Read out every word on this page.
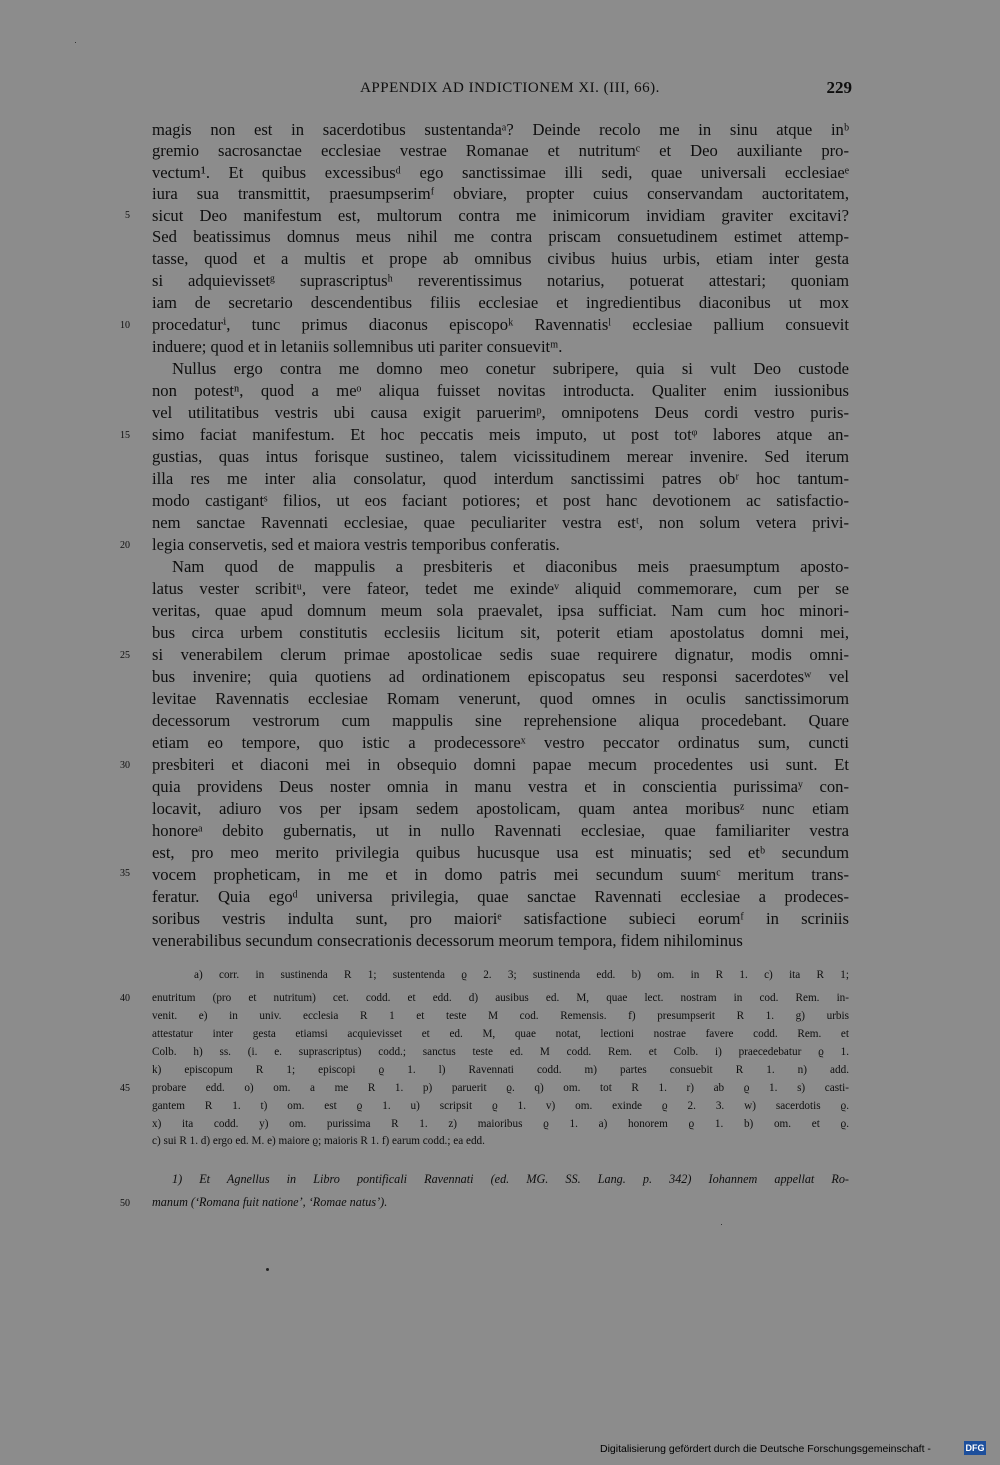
APPENDIX AD INDICTIONEM XI. (III, 66).	229
magis non est in sacerdotibus sustentandaᵃ? Deinde recolo me in sinu atque inᵇ
gremio sacrosanctae ecclesiae vestrae Romanae et nutritumᶜ et Deo auxiliante pro-
vectum¹. Et quibus excessibusᵈ ego sanctissimae illi sedi, quae universali ecclesiaeᵉ
iura sua transmittit, praesumpserimᶠ obviare, propter cuius conservandam auctoritatem,
sicut Deo manifestum est, multorum contra me inimicorum invidiam graviter excitavi?
Sed beatissimus domnus meus nihil me contra priscam consuetudinem estimet attemp-
tasse, quod et a multis et prope ab omnibus civibus huius urbis, etiam inter gesta
si adquievissetᵍ suprascriptusʰ reverentissimus notarius, potuerat attestari; quoniam
iam de secretario descendentibus filiis ecclesiae et ingredientibus diaconibus ut mox
procedaturⁱ, tunc primus diaconus episcopoᵏ Ravennatisˡ ecclesiae pallium consuevit
induere; quod et in letaniis sollemnibus uti pariter consuevitᵐ.
Nullus ergo contra me domno meo conetur subripere, quia si vult Deo custode
non potestⁿ, quod a meᵒ aliqua fuisset novitas introducta. Qualiter enim iussionibus
vel utilitatibus vestris ubi causa exigit paruerimᵖ, omnipotens Deus cordi vestro puris-
simo faciat manifestum. Et hoc peccatis meis imputo, ut post totᵠ labores atque an-
gustias, quas intus forisque sustineo, talem vicissitudinem merear invenire. Sed iterum
illa res me inter alia consolatur, quod interdum sanctissimi patres obʳ hoc tantum-
modo castigantˢ filios, ut eos faciant potiores; et post hanc devotionem ac satisfactio-
nem sanctae Ravennati ecclesiae, quae peculiariter vestra estᵗ, non solum vetera privi-
legia conservetis, sed et maiora vestris temporibus conferatis.
Nam quod de mappulis a presbiteris et diaconibus meis praesumptum aposto-
latus vester scribitᵘ, vere fateor, tedet me exindeᵛ aliquid commemorare, cum per se
veritas, quae apud domnum meum sola praevalet, ipsa sufficiat. Nam cum hoc minori-
bus circa urbem constitutis ecclesiis licitum sit, poterit etiam apostolatus domni mei,
si venerabilem clerum primae apostolicae sedis suae requirere dignatur, modis omni-
bus invenire; quia quotiens ad ordinationem episcopatus seu responsi sacerdotesʷ vel
levitae Ravennatis ecclesiae Romam venerunt, quod omnes in oculis sanctissimorum
decessorum vestrorum cum mappulis sine reprehensione aliqua procedebant. Quare
etiam eo tempore, quo istic a prodecessoreˣ vestro peccator ordinatus sum, cuncti
presbiteri et diaconi mei in obsequio domni papae mecum procedentes usi sunt. Et
quia providens Deus noster omnia in manu vestra et in conscientia purissimaʸ con-
locavit, adiuro vos per ipsam sedem apostolicam, quam antea moribusᶻ nunc etiam
honoreᵃ debito gubernatis, ut in nullo Ravennati ecclesiae, quae familiariter vestra
est, pro meo merito privilegia quibus hucusque usa est minuatis; sed etᵇ secundum
vocem propheticam, in me et in domo patris mei secundum suumᶜ meritum trans-
feratur. Quia egoᵈ universa privilegia, quae sanctae Ravennati ecclesiae a prodeces-
soribus vestris indulta sunt, pro maioriᵉ satisfactione subieci eorumᶠ in scriniis
venerabilibus secundum consecrationis decessorum meorum tempora, fidem nihilominus
5
10
15
20
25
30
35
40
45
50
a) corr. in sustinenda R 1; sustentenda ϱ 2. 3; sustinenda edd. b) om. in R 1. c) ita R 1;
enutritum (pro et nutritum) cet. codd. et edd. d) ausibus ed. M, quae lect. nostram in cod. Rem. in-
venit. e) in univ. ecclesia R 1 et teste M cod. Remensis. f) presumpserit R 1. g) urbis
attestatur inter gesta etiamsi acquievisset et ed. M, quae notat, lectioni nostrae favere codd. Rem. et
Colb. h) ss. (i. e. suprascriptus) codd.; sanctus teste ed. M codd. Rem. et Colb. i) praecedebatur ϱ 1.
k) episcopum R 1; episcopi ϱ 1. l) Ravennati codd. m) partes consuebit R 1. n) add.
probare edd. o) om. a me R 1. p) paruerit ϱ. q) om. tot R 1. r) ab ϱ 1. s) casti-
gantem R 1. t) om. est ϱ 1. u) scripsit ϱ 1. v) om. exinde ϱ 2. 3. w) sacerdotis ϱ.
x) ita codd. y) om. purissima R 1. z) maioribus ϱ 1. a) honorem ϱ 1. b) om. et ϱ.
c) sui R 1. d) ergo ed. M. e) maiore ϱ; maioris R 1. f) earum codd.; ea edd.
1) Et Agnellus in Libro pontificali Ravennati (ed. MG. SS. Lang. p. 342) Iohannem appellat Ro-
manum (‘Romana fuit natione’, ‘Romae natus’).
Digitalisierung gefördert durch die Deutsche Forschungsgemeinschaft -	DFG
